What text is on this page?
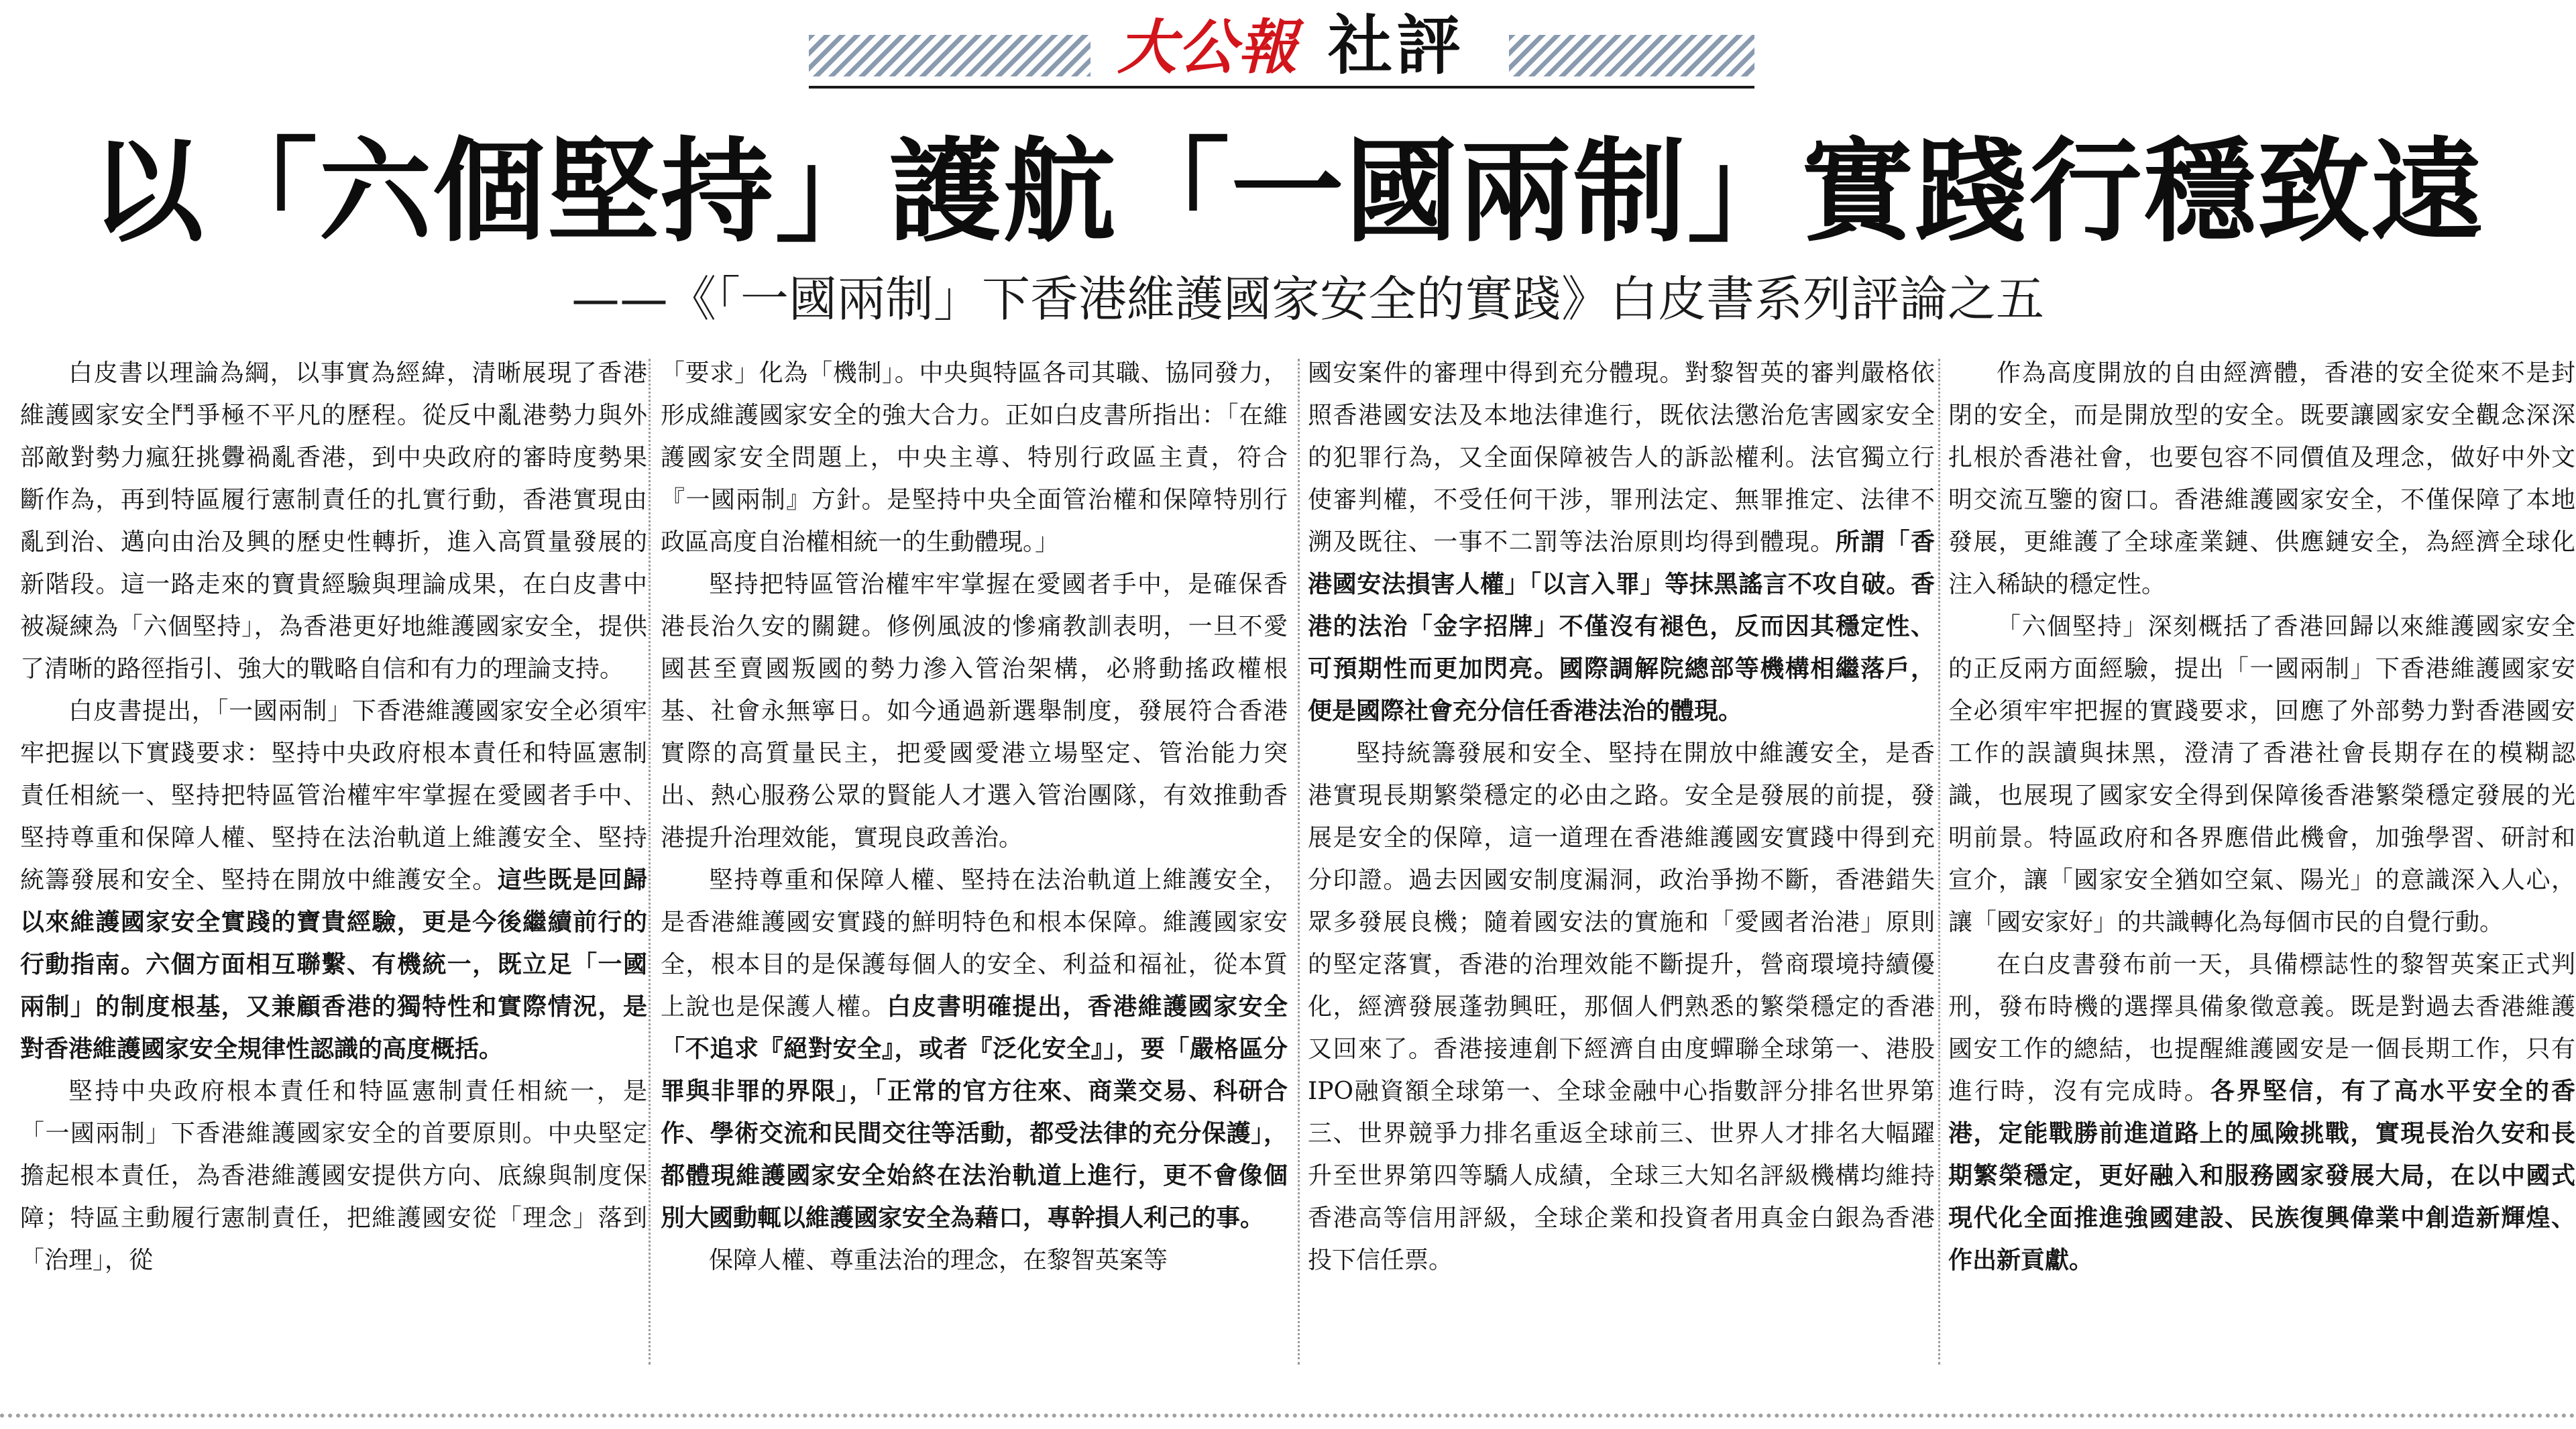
大公報 社評
以「六個堅持」護航「一國兩制」實踐行穩致遠
——《「一國兩制」下香港維護國家安全的實踐》白皮書系列評論之五

白皮書以理論為綱，以事實為經緯，清晰展現了香港維護國家安全鬥爭極不平凡的歷程。從反中亂港勢力與外部敵對勢力瘋狂挑釁禍亂香港，到中央政府的審時度勢果斷作為，再到特區履行憲制責任的扎實行動，香港實現由亂到治、邁向由治及興的歷史性轉折，進入高質量發展的新階段。這一路走來的寶貴經驗與理論成果，在白皮書中被凝練為「六個堅持」，為香港更好地維護國家安全，提供了清晰的路徑指引、強大的戰略自信和有力的理論支持。

白皮書提出，「一國兩制」下香港維護國家安全必須牢牢把握以下實踐要求：堅持中央政府根本責任和特區憲制責任相統一、堅持把特區管治權牢牢掌握在愛國者手中、堅持尊重和保障人權、堅持在法治軌道上維護安全、堅持統籌發展和安全、堅持在開放中維護安全。這些既是回歸以來維護國家安全實踐的寶貴經驗，更是今後繼續前行的行動指南。六個方面相互聯繫、有機統一，既立足「一國兩制」的制度根基，又兼顧香港的獨特性和實際情況，是對香港維護國家安全規律性認識的高度概括。

堅持中央政府根本責任和特區憲制責任相統一，是「一國兩制」下香港維護國家安全的首要原則。中央堅定擔起根本責任，為香港維護國安提供方向、底線與制度保障；特區主動履行憲制責任，把維護國安從「理念」落到「治理」，從

「要求」化為「機制」。中央與特區各司其職、協同發力，形成維護國家安全的強大合力。正如白皮書所指出：「在維護國家安全問題上，中央主導、特別行政區主責，符合『一國兩制』方針。是堅持中央全面管治權和保障特別行政區高度自治權相統一的生動體現。」

堅持把特區管治權牢牢掌握在愛國者手中，是確保香港長治久安的關鍵。修例風波的慘痛教訓表明，一旦不愛國甚至賣國叛國的勢力滲入管治架構，必將動搖政權根基、社會永無寧日。如今通過新選舉制度，發展符合香港實際的高質量民主，把愛國愛港立場堅定、管治能力突出、熱心服務公眾的賢能人才選入管治團隊，有效推動香港提升治理效能，實現良政善治。

堅持尊重和保障人權、堅持在法治軌道上維護安全，是香港維護國安實踐的鮮明特色和根本保障。維護國家安全，根本目的是保護每個人的安全、利益和福祉，從本質上說也是保護人權。白皮書明確提出，香港維護國家安全「不追求『絕對安全』，或者『泛化安全』」，要「嚴格區分罪與非罪的界限」，「正常的官方往來、商業交易、科研合作、學術交流和民間交往等活動，都受法律的充分保護」，都體現維護國家安全始終在法治軌道上進行，更不會像個別大國動輒以維護國家安全為藉口，專幹損人利己的事。

保障人權、尊重法治的理念，在黎智英案等

國安案件的審理中得到充分體現。對黎智英的審判嚴格依照香港國安法及本地法律進行，既依法懲治危害國家安全的犯罪行為，又全面保障被告人的訴訟權利。法官獨立行使審判權，不受任何干涉，罪刑法定、無罪推定、法律不溯及既往、一事不二罰等法治原則均得到體現。所謂「香港國安法損害人權」「以言入罪」等抹黑謠言不攻自破。香港的法治「金字招牌」不僅沒有褪色，反而因其穩定性、可預期性而更加閃亮。國際調解院總部等機構相繼落戶，便是國際社會充分信任香港法治的體現。

堅持統籌發展和安全、堅持在開放中維護安全，是香港實現長期繁榮穩定的必由之路。安全是發展的前提，發展是安全的保障，這一道理在香港維護國安實踐中得到充分印證。過去因國安制度漏洞，政治爭拗不斷，香港錯失眾多發展良機；隨着國安法的實施和「愛國者治港」原則的堅定落實，香港的治理效能不斷提升，營商環境持續優化，經濟發展蓬勃興旺，那個人們熟悉的繁榮穩定的香港又回來了。香港接連創下經濟自由度蟬聯全球第一、港股IPO融資額全球第一、全球金融中心指數評分排名世界第三、世界競爭力排名重返全球前三、世界人才排名大幅躍升至世界第四等驕人成績，全球三大知名評級機構均維持香港高等信用評級，全球企業和投資者用真金白銀為香港投下信任票。

作為高度開放的自由經濟體，香港的安全從來不是封閉的安全，而是開放型的安全。既要讓國家安全觀念深深扎根於香港社會，也要包容不同價值及理念，做好中外文明交流互鑒的窗口。香港維護國家安全，不僅保障了本地發展，更維護了全球產業鏈、供應鏈安全，為經濟全球化注入稀缺的穩定性。

「六個堅持」深刻概括了香港回歸以來維護國家安全的正反兩方面經驗，提出「一國兩制」下香港維護國家安全必須牢牢把握的實踐要求，回應了外部勢力對香港國安工作的誤讀與抹黑，澄清了香港社會長期存在的模糊認識，也展現了國家安全得到保障後香港繁榮穩定發展的光明前景。特區政府和各界應借此機會，加強學習、研討和宣介，讓「國家安全猶如空氣、陽光」的意識深入人心，讓「國安家好」的共識轉化為每個市民的自覺行動。

在白皮書發布前一天，具備標誌性的黎智英案正式判刑，發布時機的選擇具備象徵意義。既是對過去香港維護國安工作的總結，也提醒維護國安是一個長期工作，只有進行時，沒有完成時。各界堅信，有了高水平安全的香港，定能戰勝前進道路上的風險挑戰，實現長治久安和長期繁榮穩定，更好融入和服務國家發展大局，在以中國式現代化全面推進強國建設、民族復興偉業中創造新輝煌、作出新貢獻。
